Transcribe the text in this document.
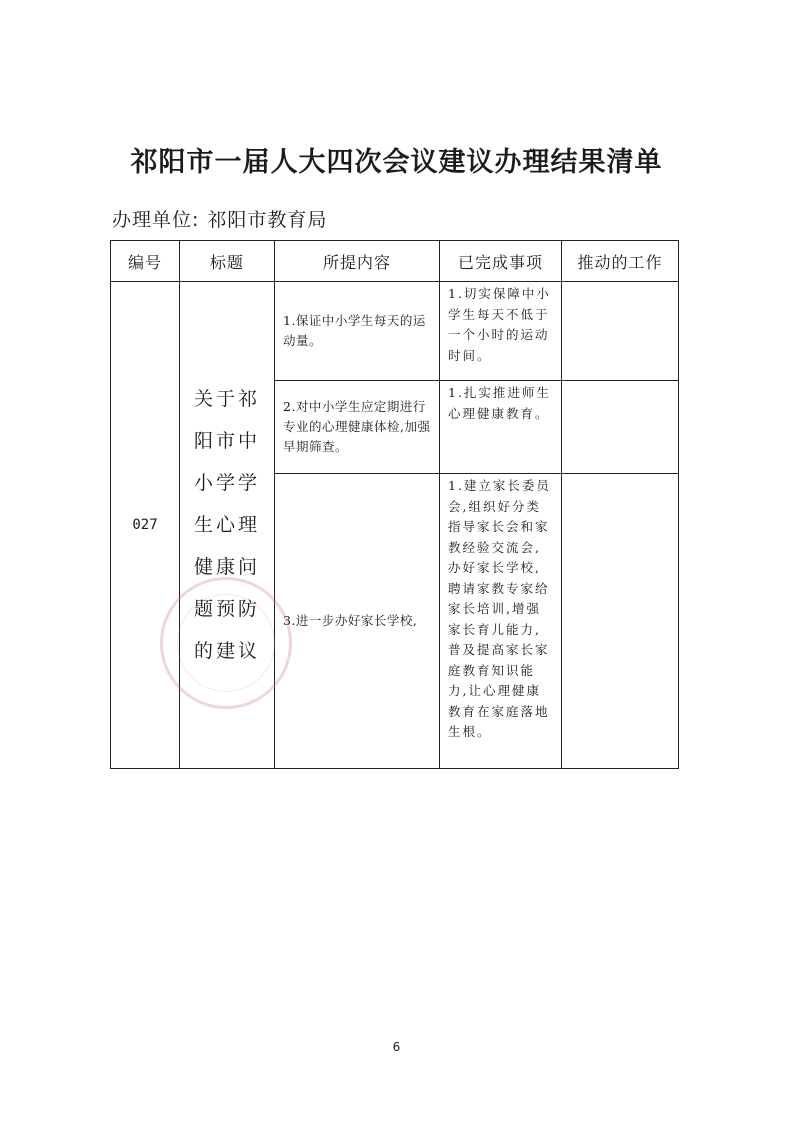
祁阳市一届人大四次会议建议办理结果清单
办理单位: 祁阳市教育局
编号	标题	所提内容	已完成事项	推动的工作
027	关于祁阳市中小学学生心理健康问题预防的建议	1.保证中小学生每天的运动量。	1.切实保障中小学生每天不低于一个小时的运动时间。	
		2.对中小学生应定期进行专业的心理健康体检,加强早期筛查。	1.扎实推进师生心理健康教育。	
		3.进一步办好家长学校,	1.建立家长委员会,组织好分类指导家长会和家教经验交流会,办好家长学校,聘请家教专家给家长培训,增强家长育儿能力,普及提高家长家庭教育知识能力,让心理健康教育在家庭落地生根。	
6
